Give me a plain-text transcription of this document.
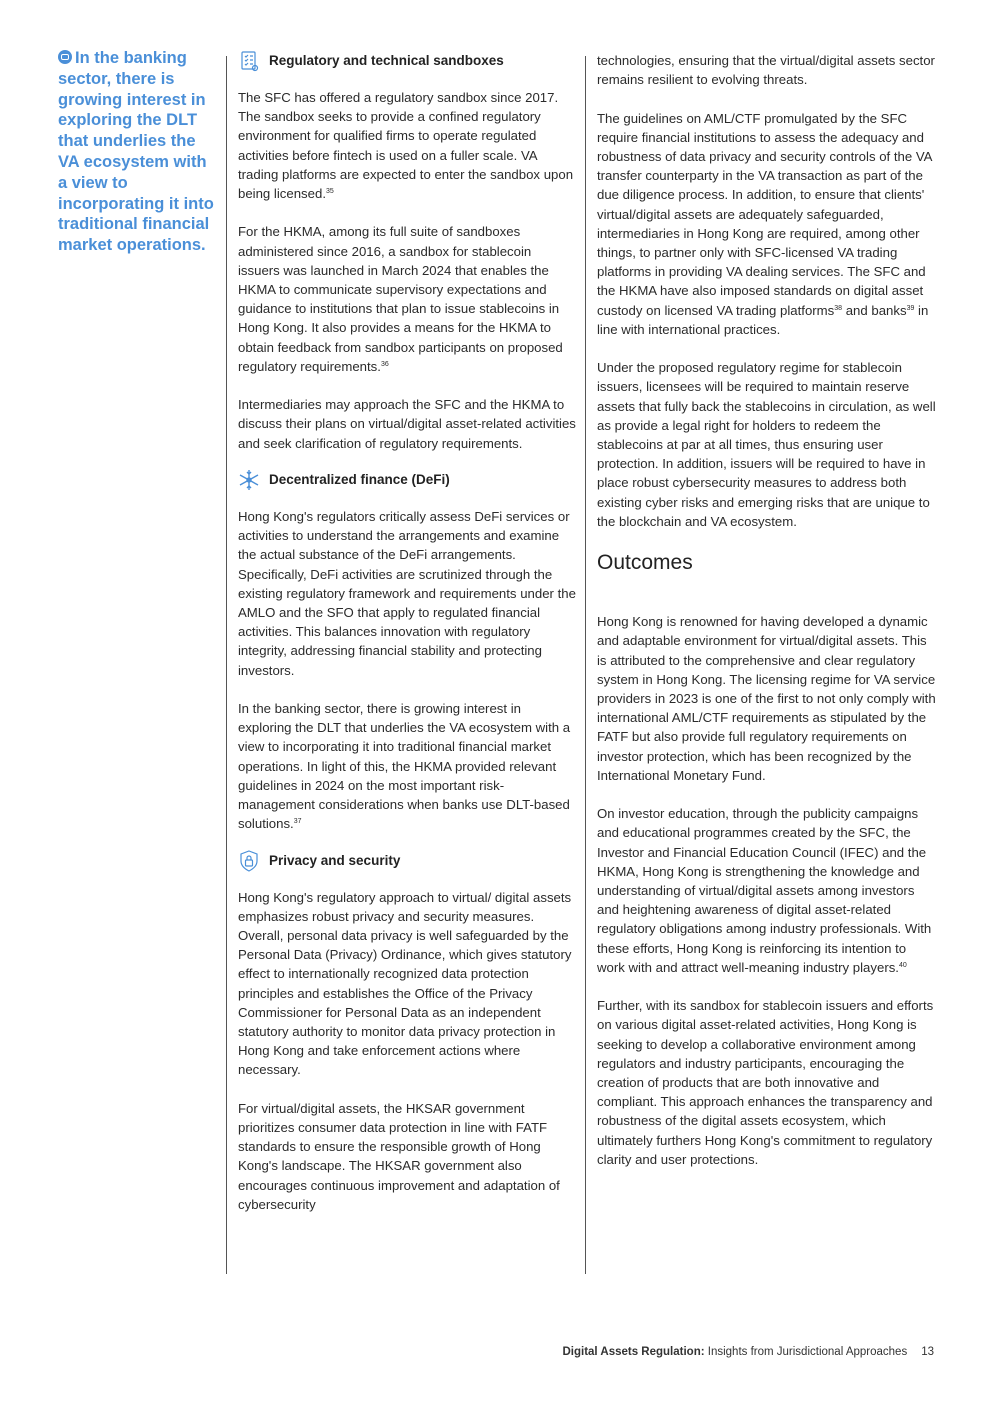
In the banking sector, there is growing interest in exploring the DLT that underlies the VA ecosystem with a view to incorporating it into traditional financial market operations.
Regulatory and technical sandboxes

The SFC has offered a regulatory sandbox since 2017. The sandbox seeks to provide a confined regulatory environment for qualified firms to operate regulated activities before fintech is used on a fuller scale. VA trading platforms are expected to enter the sandbox upon being licensed.$^{35}$

For the HKMA, among its full suite of sandboxes administered since 2016, a sandbox for stablecoin issuers was launched in March 2024 that enables the HKMA to communicate supervisory expectations and guidance to institutions that plan to issue stablecoins in Hong Kong. It also provides a means for the HKMA to obtain feedback from sandbox participants on proposed regulatory requirements.$^{36}$

Intermediaries may approach the SFC and the HKMA to discuss their plans on virtual/digital asset-related activities and seek clarification of regulatory requirements.

Decentralized finance (DeFi)

Hong Kong's regulators critically assess DeFi services or activities to understand the arrangements and examine the actual substance of the DeFi arrangements. Specifically, DeFi activities are scrutinized through the existing regulatory framework and requirements under the AMLO and the SFO that apply to regulated financial activities. This balances innovation with regulatory integrity, addressing financial stability and protecting investors.

In the banking sector, there is growing interest in exploring the DLT that underlies the VA ecosystem with a view to incorporating it into traditional financial market operations. In light of this, the HKMA provided relevant guidelines in 2024 on the most important risk-management considerations when banks use DLT-based solutions.$^{37}$

Privacy and security

Hong Kong's regulatory approach to virtual/ digital assets emphasizes robust privacy and security measures. Overall, personal data privacy is well safeguarded by the Personal Data (Privacy) Ordinance, which gives statutory effect to internationally recognized data protection principles and establishes the Office of the Privacy Commissioner for Personal Data as an independent statutory authority to monitor data privacy protection in Hong Kong and take enforcement actions where necessary.

For virtual/digital assets, the HKSAR government prioritizes consumer data protection in line with FATF standards to ensure the responsible growth of Hong Kong's landscape. The HKSAR government also encourages continuous improvement and adaptation of cybersecurity

technologies, ensuring that the virtual/digital assets sector remains resilient to evolving threats.

The guidelines on AML/CTF promulgated by the SFC require financial institutions to assess the adequacy and robustness of data privacy and security controls of the VA transfer counterparty in the VA transaction as part of the due diligence process. In addition, to ensure that clients' virtual/digital assets are adequately safeguarded, intermediaries in Hong Kong are required, among other things, to partner only with SFC-licensed VA trading platforms in providing VA dealing services. The SFC and the HKMA have also imposed standards on digital asset custody on licensed VA trading platforms$^{38}$ and banks$^{39}$ in line with international practices.

Under the proposed regulatory regime for stablecoin issuers, licensees will be required to maintain reserve assets that fully back the stablecoins in circulation, as well as provide a legal right for holders to redeem the stablecoins at par at all times, thus ensuring user protection. In addition, issuers will be required to have in place robust cybersecurity measures to address both existing cyber risks and emerging risks that are unique to the blockchain and VA ecosystem.

Outcomes

Hong Kong is renowned for having developed a dynamic and adaptable environment for virtual/digital assets. This is attributed to the comprehensive and clear regulatory system in Hong Kong. The licensing regime for VA service providers in 2023 is one of the first to not only comply with international AML/CTF requirements as stipulated by the FATF but also provide full regulatory requirements on investor protection, which has been recognized by the International Monetary Fund.

On investor education, through the publicity campaigns and educational programmes created by the SFC, the Investor and Financial Education Council (IFEC) and the HKMA, Hong Kong is strengthening the knowledge and understanding of virtual/digital assets among investors and heightening awareness of digital asset-related regulatory obligations among industry professionals. With these efforts, Hong Kong is reinforcing its intention to work with and attract well-meaning industry players.$^{40}$

Further, with its sandbox for stablecoin issuers and efforts on various digital asset-related activities, Hong Kong is seeking to develop a collaborative environment among regulators and industry participants, encouraging the creation of products that are both innovative and compliant. This approach enhances the transparency and robustness of the digital assets ecosystem, which ultimately furthers Hong Kong's commitment to regulatory clarity and user protections.

Digital Assets Regulation: Insights from Jurisdictional Approaches 13
